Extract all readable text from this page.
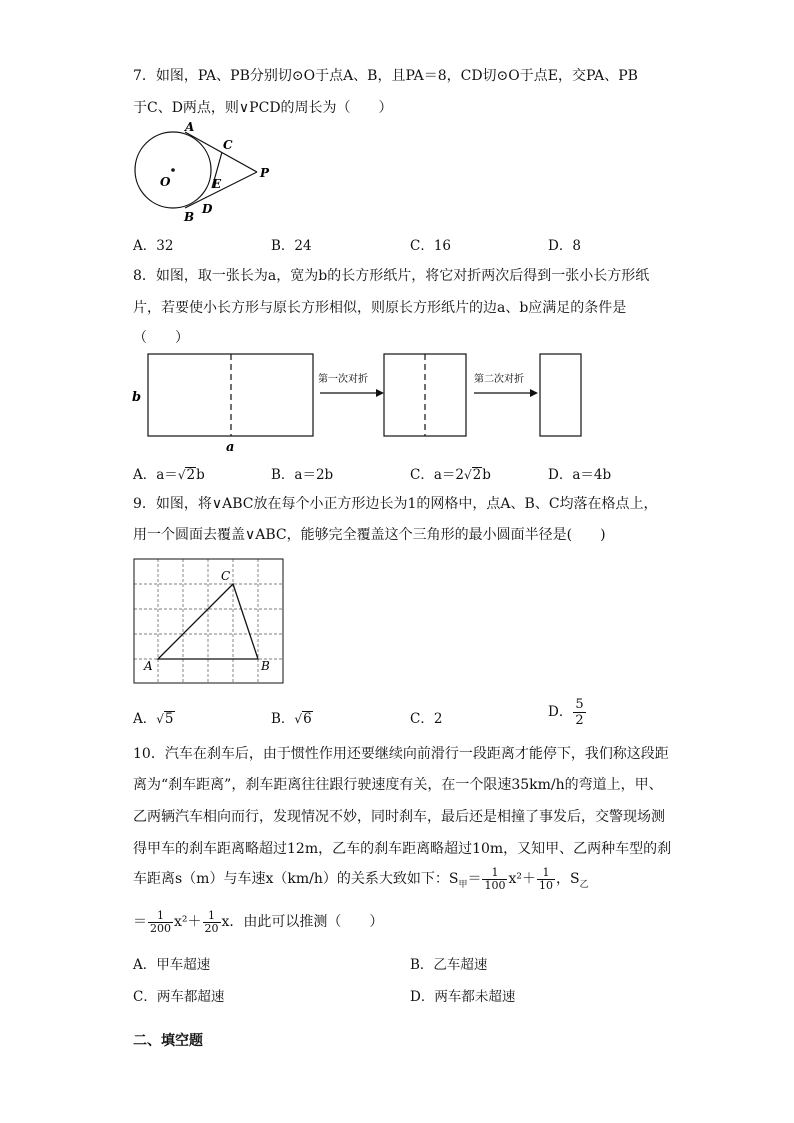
7．如图，PA、PB分别切⊙O于点A、B，且PA＝8，CD切⊙O于点E，交PA、PB
于C、D两点，则∨PCD的周长为（　　）
A
C
O	E
P
D
B
A．32	B．24	C．16	D．8
8．如图，取一张长为a，宽为b的长方形纸片，将它对折两次后得到一张小长方形纸
片，若要使小长方形与原长方形相似，则原长方形纸片的边a、b应满足的条件是
（　　）
b
a
第一次对折	第二次对折
A．a＝√2b	B．a＝2b	C．a＝2√2b	D．a＝4b
9．如图，将∨ABC放在每个小正方形边长为1的网格中，点A、B、C均落在格点上，
用一个圆面去覆盖∨ABC，能够完全覆盖这个三角形的最小圆面半径是(　　)
A
C
B
A．√5	B．√6	C．2	D． $\frac{5}{2}$
10．汽车在刹车后，由于惯性作用还要继续向前滑行一段距离才能停下，我们称这段距
离为“刹车距离”，刹车距离往往跟行驶速度有关，在一个限速35km/h的弯道上，甲、
乙两辆汽车相向而行，发现情况不妙，同时刹车，最后还是相撞了事发后，交警现场测
得甲车的刹车距离略超过12m，乙车的刹车距离略超过10m，又知甲、乙两种车型的刹
车距离s（m）与车速x（km/h）的关系大致如下：$S_甲= \frac{1}{100} x^2+ \frac{1}{10}$ ，$S_乙$
＝ $\frac{1}{200} x^2+ \frac{1}{20}$ x．由此可以推测（　　）
A．甲车超速	B．乙车超速
C．两车都超速	D．两车都未超速
二、填空题
